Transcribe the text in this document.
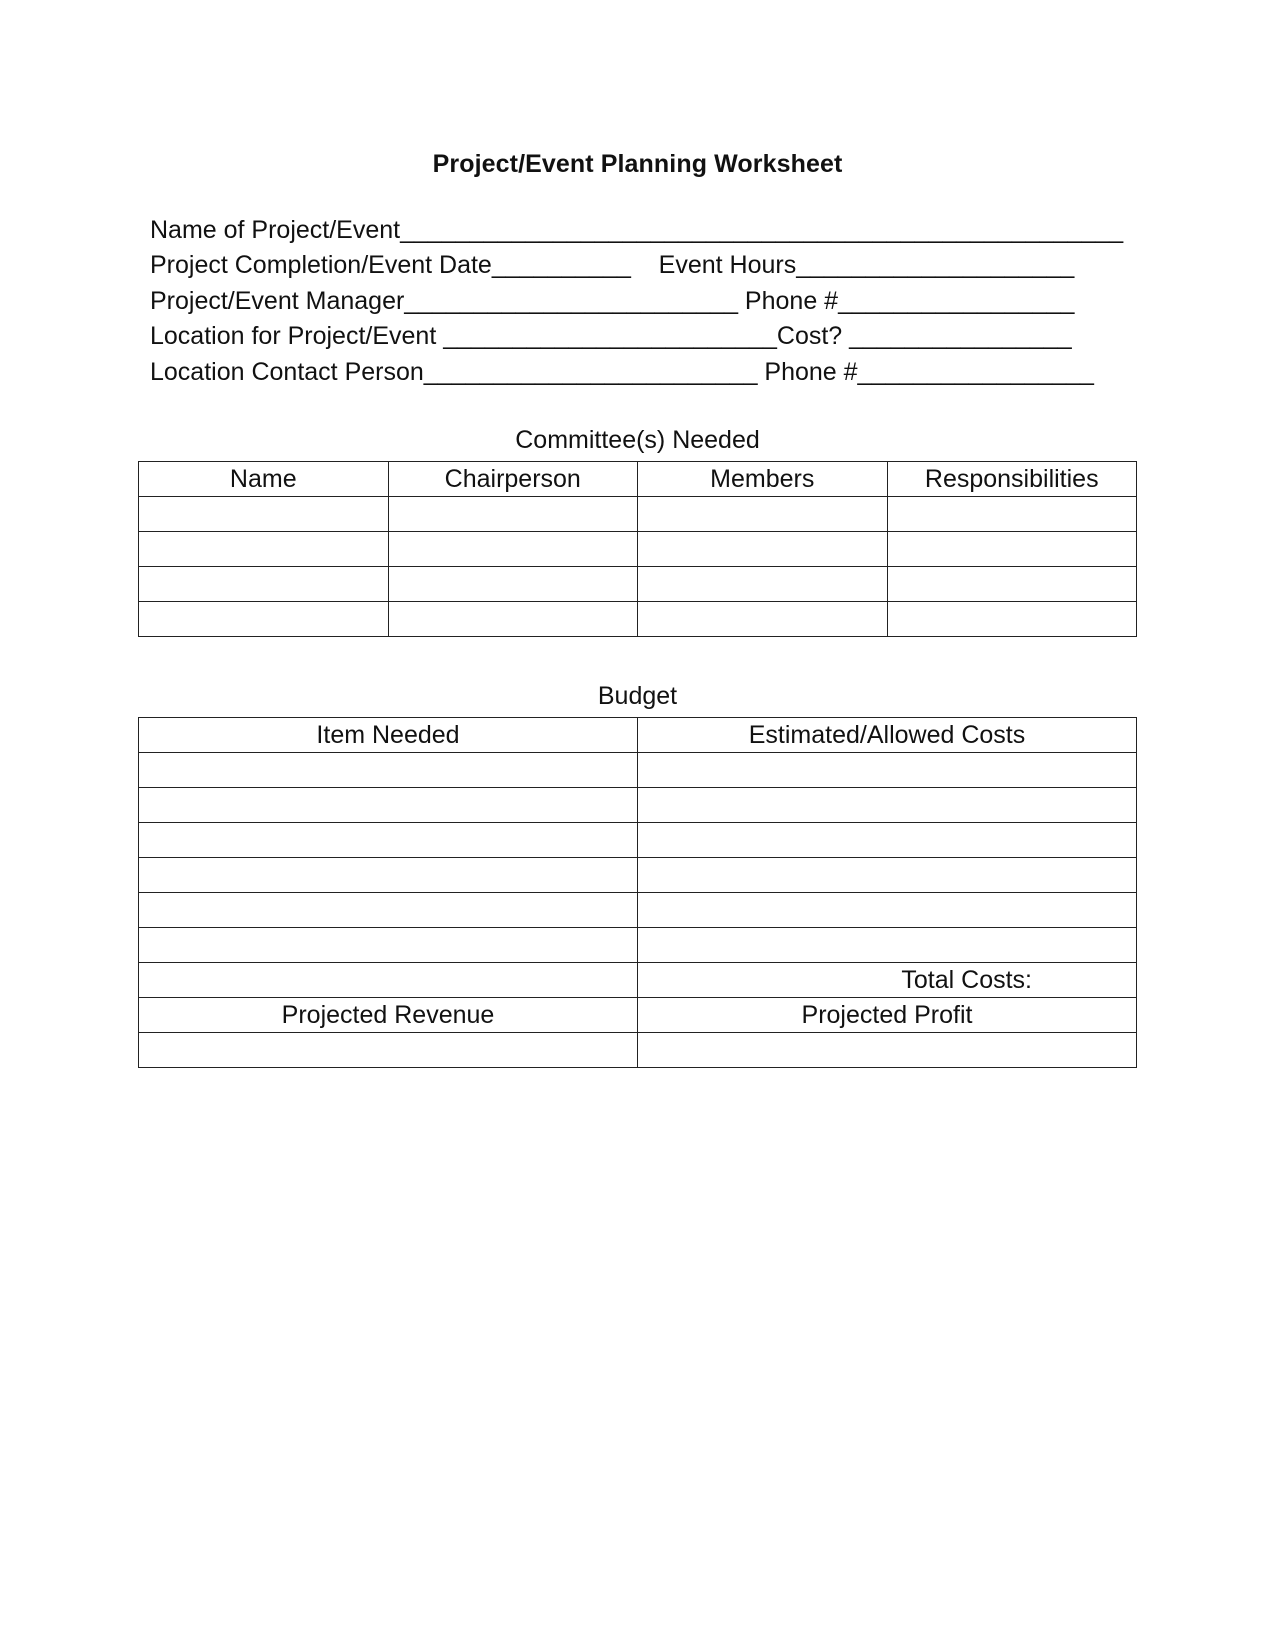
Project/Event Planning Worksheet
Name of Project/Event____________________________________________________
Project Completion/Event Date__________    Event Hours____________________
Project/Event Manager________________________ Phone #_________________
Location for Project/Event ________________________Cost? ________________
Location Contact Person________________________ Phone #_________________
Committee(s) Needed
Name	Chairperson	Members	Responsibilities

Budget
Item Needed	Estimated/Allowed Costs

	Total Costs:
Projected Revenue	Projected Profit
